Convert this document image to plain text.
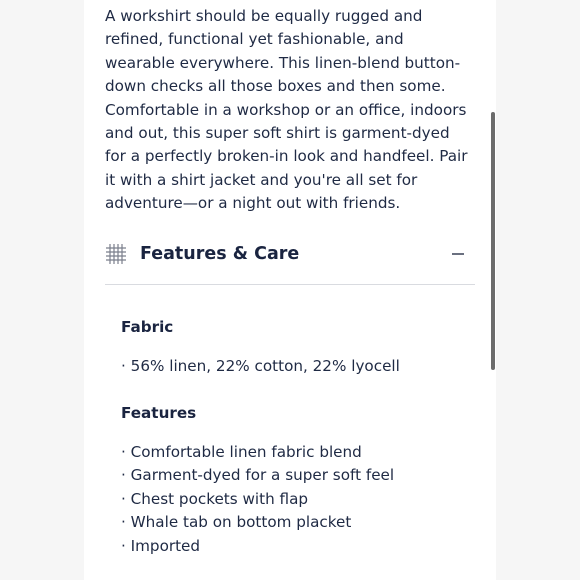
A workshirt should be equally rugged and refined, functional yet fashionable, and wearable everywhere. This linen-blend button-down checks all those boxes and then some. Comfortable in a workshop or an office, indoors and out, this super soft shirt is garment-dyed for a perfectly broken-in look and handfeel. Pair it with a shirt jacket and you're all set for adventure—or a night out with friends.

Features & Care
Fabric
· 56% linen, 22% cotton, 22% lyocell
Features
· Comfortable linen fabric blend
· Garment-dyed for a super soft feel
· Chest pockets with flap
· Whale tab on bottom placket
· Imported
